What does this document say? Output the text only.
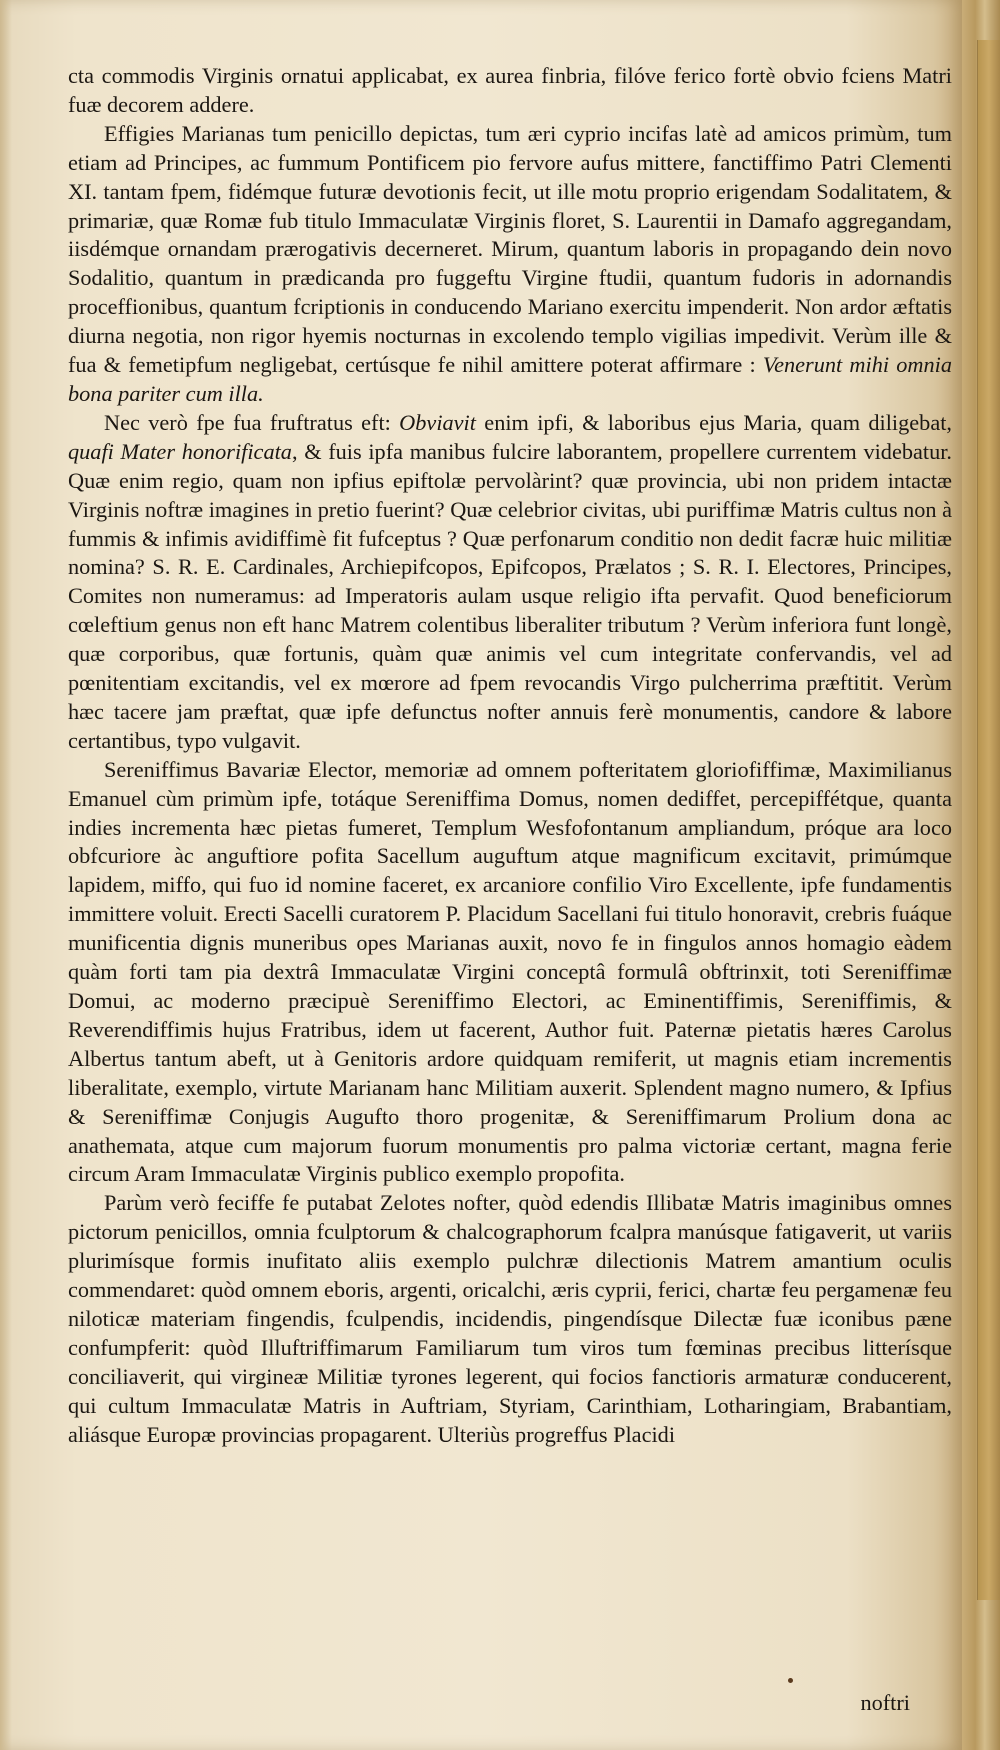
cta commodis Virginis ornatui applicabat, ex aurea finbria, filóve ferico fortè obvio fciens Matri fuæ decorem addere.

Effigies Marianas tum penicillo depictas, tum æri cyprio incifas latè ad amicos primùm, tum etiam ad Principes, ac fummum Pontificem pio fervore aufus mittere, fanctiffimo Patri Clementi XI. tantam fpem, fidémque futuræ devotionis fecit, ut ille motu proprio erigendam Sodalitatem, & primariæ, quæ Romæ fub titulo Immaculatæ Virginis floret, S. Laurentii in Damafo aggregandam, iisdémque ornandam prærogativis decerneret. Mirum, quantum laboris in propagando dein novo Sodalitio, quantum in prædicanda pro fuggeftu Virgine ftudii, quantum fudoris in adornandis proceffionibus, quantum fcriptionis in conducendo Mariano exercitu impenderit. Non ardor æftatis diurna negotia, non rigor hyemis nocturnas in excolendo templo vigilias impedivit. Verùm ille & fua & femetipfum negligebat, certúsque fe nihil amittere poterat affirmare : Venerunt mihi omnia bona pariter cum illa.

Nec verò fpe fua fruftratus eft: Obviavit enim ipfi, & laboribus ejus Maria, quam diligebat, quafi Mater honorificata, & fuis ipfa manibus fulcire laborantem, propellere currentem videbatur. Quæ enim regio, quam non ipfius epiftolæ pervolàrint? quæ provincia, ubi non pridem intactæ Virginis noftræ imagines in pretio fuerint? Quæ celebrior civitas, ubi puriffimæ Matris cultus non à fummis & infimis avidiffimè fit fufceptus ? Quæ perfonarum conditio non dedit facræ huic militiæ nomina? S. R. E. Cardinales, Archiepifcopos, Epifcopos, Prælatos ; S. R. I. Electores, Principes, Comites non numeramus: ad Imperatoris aulam usque religio ifta pervafit. Quod beneficiorum cœleftium genus non eft hanc Matrem colentibus liberaliter tributum ? Verùm inferiora funt longè, quæ corporibus, quæ fortunis, quàm quæ animis vel cum integritate confervandis, vel ad pœnitentiam excitandis, vel ex mœrore ad fpem revocandis Virgo pulcherrima præftitit. Verùm hæc tacere jam præftat, quæ ipfe defunctus nofter annuis ferè monumentis, candore & labore certantibus, typo vulgavit.

Sereniffimus Bavariæ Elector, memoriæ ad omnem pofteritatem gloriofiffimæ, Maximilianus Emanuel cùm primùm ipfe, totáque Sereniffima Domus, nomen dediffet, percepiffétque, quanta indies incrementa hæc pietas fumeret, Templum Wesfofontanum ampliandum, próque ara loco obfcuriore àc anguftiore pofita Sacellum auguftum atque magnificum excitavit, primúmque lapidem, miffo, qui fuo id nomine faceret, ex arcaniore confilio Viro Excellente, ipfe fundamentis immittere voluit. Erecti Sacelli curatorem P. Placidum Sacellani fui titulo honoravit, crebris fuáque munificentia dignis muneribus opes Marianas auxit, novo fe in fingulos annos homagio eàdem quàm forti tam pia dextrâ Immaculatæ Virgini conceptâ formulâ obftrinxit, toti Sereniffimæ Domui, ac moderno præcipuè Sereniffimo Electori, ac Eminentiffimis, Sereniffimis, & Reverendiffimis hujus Fratribus, idem ut facerent, Author fuit. Paternæ pietatis hæres Carolus Albertus tantum abeft, ut à Genitoris ardore quidquam remiferit, ut magnis etiam incrementis liberalitate, exemplo, virtute Marianam hanc Militiam auxerit. Splendent magno numero, & Ipfius & Sereniffimæ Conjugis Augufto thoro progenitæ, & Sereniffimarum Prolium dona ac anathemata, atque cum majorum fuorum monumentis pro palma victoriæ certant, magna ferie circum Aram Immaculatæ Virginis publico exemplo propofita.

Parùm verò feciffe fe putabat Zelotes nofter, quòd edendis Illibatæ Matris imaginibus omnes pictorum penicillos, omnia fculptorum & chalcographorum fcalpra manúsque fatigaverit, ut variis plurimísque formis inufitato aliis exemplo pulchræ dilectionis Matrem amantium oculis commendaret: quòd omnem eboris, argenti, oricalchi, æris cyprii, ferici, chartæ feu pergamenæ feu niloticæ materiam fingendis, fculpendis, incidendis, pingendísque Dilectæ fuæ iconibus pæne confumpferit: quòd Illuftriffimarum Familiarum tum viros tum fœminas precibus litterísque conciliaverit, qui virgineæ Militiæ tyrones legerent, qui focios fanctioris armaturæ conducerent, qui cultum Immaculatæ Matris in Auftriam, Styriam, Carinthiam, Lotharingiam, Brabantiam, aliásque Europæ provincias propagarent. Ulteriùs progreffus Placidi

noftri
